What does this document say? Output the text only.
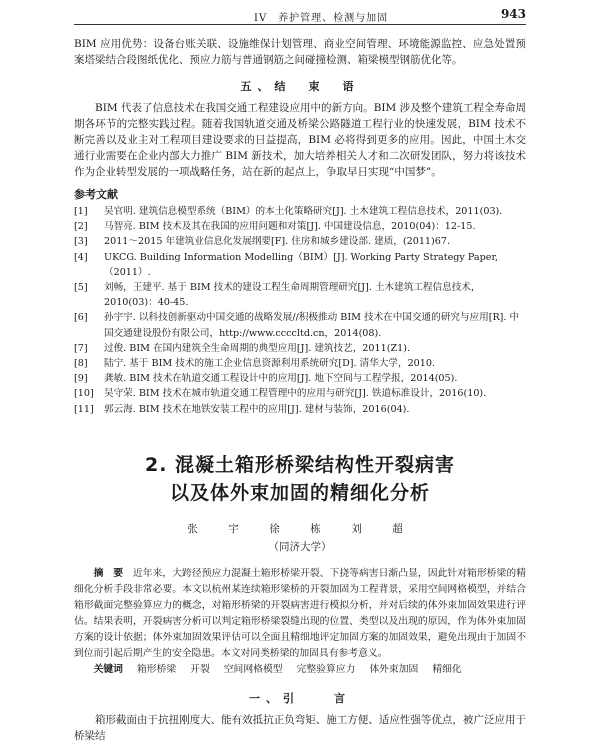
IV　养护管理、检测与加固	943

BIM 应用优势：设备台账关联、设施维保计划管理、商业空间管理、环境能源监控、应急处置预案塔梁结合段图纸优化、预应力筋与普通钢筋之间碰撞检测、箱梁模型钢筋优化等。

五、结　束　语

BIM 代表了信息技术在我国交通工程建设应用中的新方向。BIM 涉及整个建筑工程全寿命周期各环节的完整实践过程。随着我国轨道交通及桥梁公路隧道工程行业的快速发展，BIM 技术不断完善以及业主对工程项目建设要求的日益提高，BIM 必将得到更多的应用。因此，中国土木交通行业需要在企业内部大力推广 BIM 新技术，加大培养相关人才和二次研发团队，努力将该技术作为企业转型发展的一项战略任务，站在新的起点上，争取早日实现“中国梦”。

参考文献

[1] 吴官明. 建筑信息模型系统（BIM）的本土化策略研究[J]. 土木建筑工程信息技术，2011(03).
[2] 马智亮. BIM 技术及其在我国的应用问题和对策[J]. 中国建设信息，2010(04)：12-15.
[3] 2011～2015 年建筑业信息化发展纲要[F]. 住房和城乡建设部. 建质，(2011)67.
[4] UKCG. Building Information Modelling（BIM）[J]. Working Party Strategy Paper,（2011）.
[5] 刘畅，王建平. 基于 BIM 技术的建设工程生命周期管理研究[J]. 土木建筑工程信息技术，2010(03)：40-45.
[6] 孙宇宇. 以科技创新驱动中国交通的战略发展//积极推动 BIM 技术在中国交通的研究与应用[R]. 中国交通建设股份有限公司，http://www.ccccltd.cn，2014(08).
[7] 过俊. BIM 在国内建筑全生命周期的典型应用[J]. 建筑技艺，2011(Z1).
[8] 陆宁. 基于 BIM 技术的施工企业信息资源利用系统研究[D]. 清华大学，2010.
[9] 龚敏. BIM 技术在轨道交通工程设计中的应用[J]. 地下空间与工程学报，2014(05).
[10] 吴守荣. BIM 技术在城市轨道交通工程管理中的应用与研究[J]. 铁道标准设计，2016(10).
[11] 郭云海. BIM 技术在地铁安装工程中的应用[J]. 建材与装饰，2016(04).

2. 混凝土箱形桥梁结构性开裂病害

以及体外束加固的精细化分析

张　宇　徐　栋　刘　超

（同济大学）

摘　要　 近年来，大跨径预应力混凝土箱形桥梁开裂、下挠等病害日渐凸显，因此针对箱形桥梁的精细化分析手段非常必要。本文以杭州某连续箱形梁桥的开裂加固为工程背景，采用空间网格模型，并结合箱形截面完整验算应力的概念，对箱形桥梁的开裂病害进行模拟分析，并对后续的体外束加固效果进行评估。结果表明，开裂病害分析可以判定箱形桥梁裂缝出现的位置、类型以及出现的原因，作为体外束加固方案的设计依据；体外束加固效果评估可以全面且精细地评定加固方案的加固效果，避免出现由于加固不到位而引起后期产生的安全隐患。本文对同类桥梁的加固具有参考意义。

关键词 箱形桥梁 开裂 空间网格模型 完整验算应力 体外束加固 精细化

一、引　　言

箱形截面由于抗扭刚度大、能有效抵抗正负弯矩、施工方便、适应性强等优点，被广泛应用于桥梁结
